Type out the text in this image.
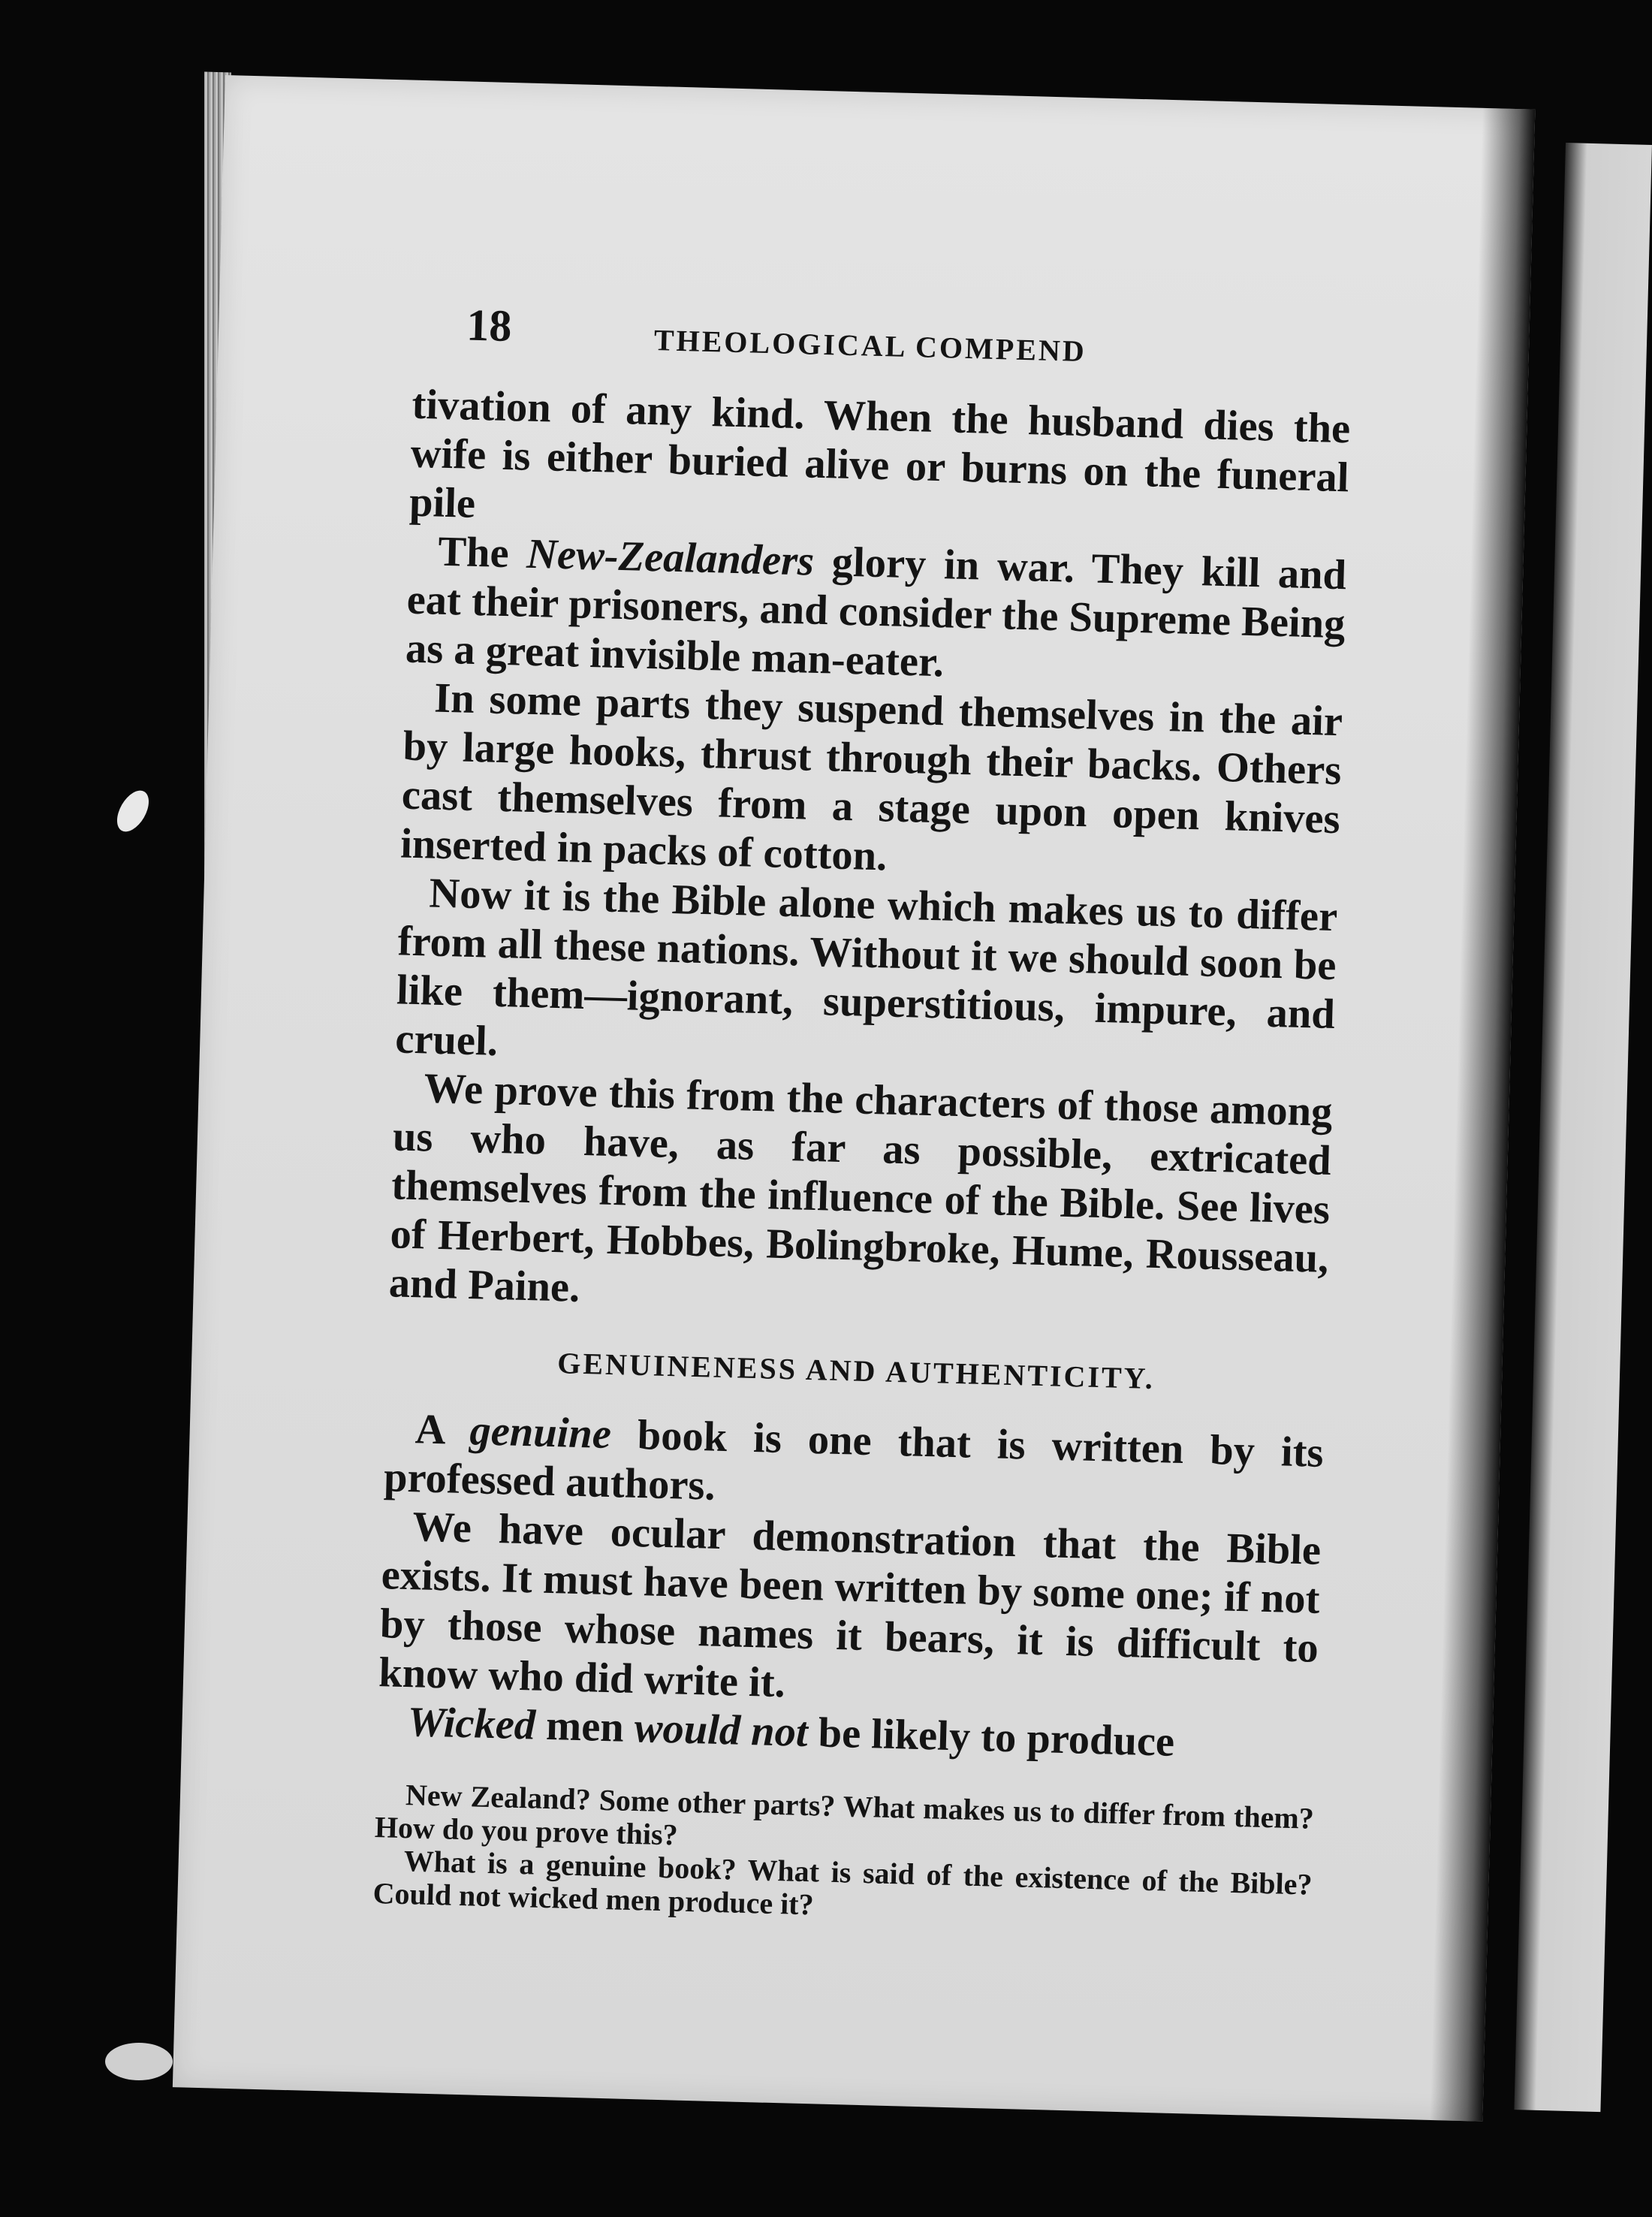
18	THEOLOGICAL COMPEND

tivation of any kind. When the husband dies the wife is either buried alive or burns on the funeral pile

The New-Zealanders glory in war. They kill and eat their prisoners, and consider the Supreme Being as a great invisible man-eater.

In some parts they suspend themselves in the air by large hooks, thrust through their backs. Others cast themselves from a stage upon open knives inserted in packs of cotton.

Now it is the Bible alone which makes us to differ from all these nations. Without it we should soon be like them—ignorant, superstitious, impure, and cruel.

We prove this from the characters of those among us who have, as far as possible, extricated themselves from the influence of the Bible. See lives of Herbert, Hobbes, Bolingbroke, Hume, Rousseau, and Paine.

GENUINENESS AND AUTHENTICITY.

A genuine book is one that is written by its professed authors.

We have ocular demonstration that the Bible exists. It must have been written by some one; if not by those whose names it bears, it is difficult to know who did write it.

Wicked men would not be likely to produce

New Zealand? Some other parts? What makes us to differ from them? How do you prove this?

What is a genuine book? What is said of the existence of the Bible? Could not wicked men produce it?
